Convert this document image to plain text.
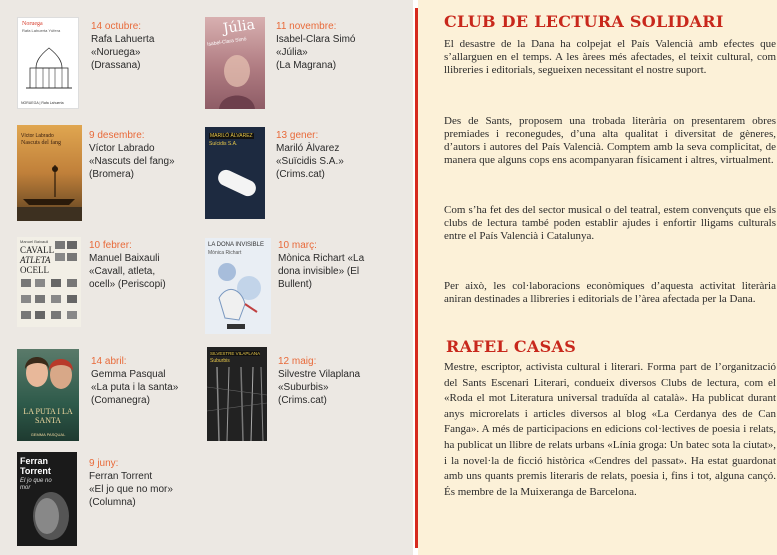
Noruega
Rafa Lahuerta Yúfera
NORUEGA | Rafa Lahuerta
14 octubre:
Rafa Lahuerta
«Noruega»
(Drassana)
Júlia
Isabel-Clara Simó
11 novembre:
Isabel-Clara Simó
«Júlia»
(La Magrana)
Víctor Labrado
Nascuts del fang
9 desembre:
Víctor Labrado
«Nascuts del fang»
(Bromera)
MARILÓ ÀLVAREZ
Suïcidis S.A.
13 gener:
Mariló Àlvarez
«Suïcidis S.A.»
(Crims.cat)
Manuel Baixauli
CAVALL
ATLETA
OCELL
10 febrer:
Manuel Baixauli
«Cavall, atleta,
ocell» (Periscopi)
LA DONA INVISIBLE
Mònica Richart
10 març:
Mònica Richart «La
dona invisible» (El
Bullent)
LA PUTA I LA SANTA
GEMMA PASQUAL
14 abril:
Gemma Pasqual
«La puta i la santa»
(Comanegra)
SILVESTRE VILAPLANA
Suburbis	12 maig:
Silvestre Vilaplana
«Suburbis»
(Crims.cat)
Ferran Torrent
El jo que no mor
9 juny:
Ferran Torrent
«El jo que no mor»
(Columna)
CLUB DE LECTURA SOLIDARI

El desastre de la Dana ha colpejat el País Valencià amb efectes que s’allarguen en el temps. A les àrees més afectades, el teixit cultural, com llibreries i editorials, segueixen necessitant el nostre suport.

Des de Sants, proposem una trobada literària on presentarem obres premiades i reconegudes, d’una alta qualitat i diversitat de gèneres, d’autors i autores del País Valencià. Comptem amb la seva complicitat, de manera que alguns cops ens acompanyaran físicament i altres, virtualment.

Com s’ha fet des del sector musical o del teatral, estem convençuts que els clubs de lectura també poden establir ajudes i enfortir lligams culturals entre el País Valencià i Catalunya.

Per això, les col·laboracions econòmiques d’aquesta activitat literària aniran destinades a llibreries i editorials de l’àrea afectada per la Dana.

RAFEL CASAS

Mestre, escriptor, activista cultural i literari. Forma part de l’organització del Sants Escenari Literari, condueix diversos Clubs de lectura, com el «Roda el mot Literatura universal traduïda al català». Ha publicat durant anys microrelats i articles diversos al blog «La Cerdanya des de Can Fanga». A més de participacions en edicions col·lectives de poesia i relats, ha publicat un llibre de relats urbans «Línia groga: Un batec sota la ciutat», i la novel·la de ficció històrica «Cendres del passat». Ha estat guardonat amb uns quants premis literaris de relats, poesia i, fins i tot, alguna cançó. És membre de la Muixeranga de Barcelona.
